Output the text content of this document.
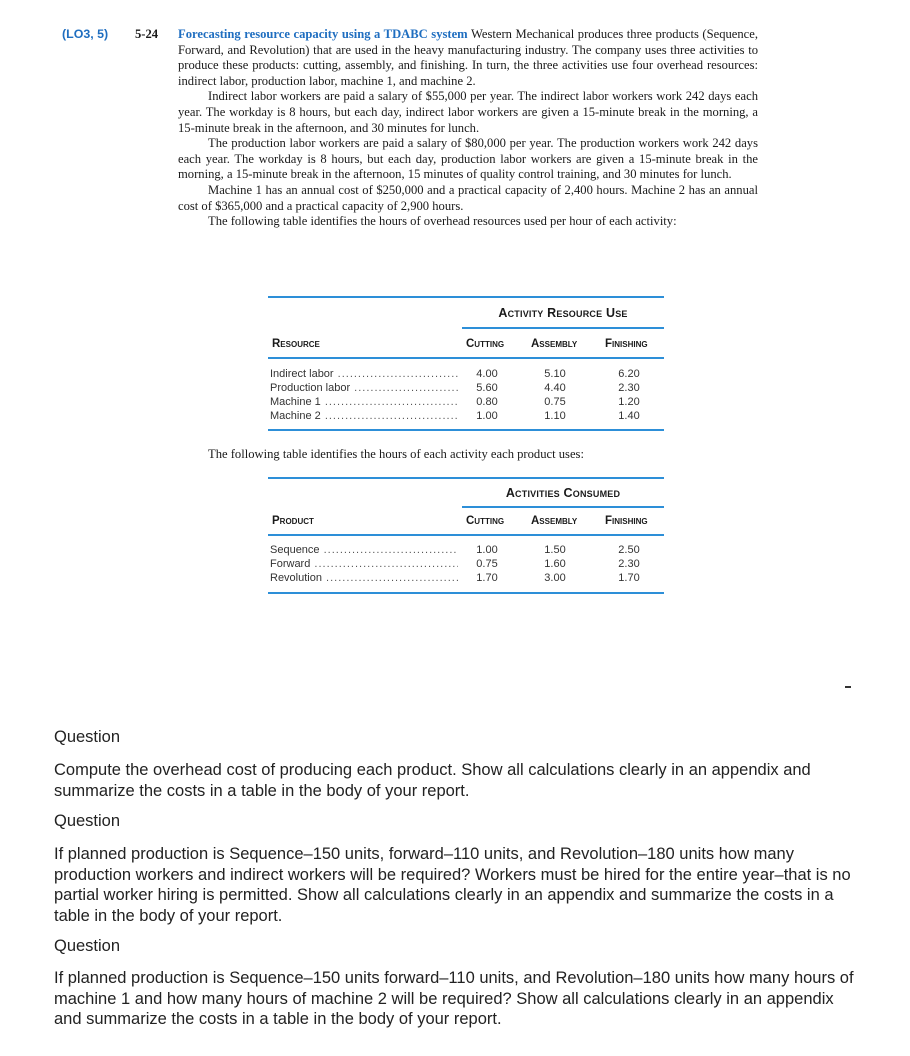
(LO3, 5) 5-24 Forecasting resource capacity using a TDABC system Western Mechanical produces three products (Sequence, Forward, and Revolution) that are used in the heavy manufacturing industry. The company uses three activities to produce these products: cutting, assembly, and finishing. In turn, the three activities use four overhead resources: indirect labor, production labor, machine 1, and machine 2.

Indirect labor workers are paid a salary of $55,000 per year. The indirect labor workers work 242 days each year. The workday is 8 hours, but each day, indirect labor workers are given a 15-minute break in the morning, a 15-minute break in the afternoon, and 30 minutes for lunch.

The production labor workers are paid a salary of $80,000 per year. The production workers work 242 days each year. The workday is 8 hours, but each day, production labor workers are given a 15-minute break in the morning, a 15-minute break in the afternoon, 15 minutes of quality control training, and 30 minutes for lunch.

Machine 1 has an annual cost of $250,000 and a practical capacity of 2,400 hours. Machine 2 has an annual cost of $365,000 and a practical capacity of 2,900 hours.

The following table identifies the hours of overhead resources used per hour of each activity:

Activity Resource Use
Resource	Cutting Assembly Finishing
Indirect labor .....	4.00	5.10	6.20
Production labor .....	5.60	4.40	2.30
Machine 1 .....	0.80	0.75	1.20
Machine 2 .....	1.00	1.10	1.40
The following table identifies the hours of each activity each product uses:
Activities Consumed
Product	Cutting Assembly Finishing
Sequence .....	1.00	1.50	2.50
Forward .....	0.75	1.60	2.30
Revolution .....	1.70	3.00	1.70
Question
Compute the overhead cost of producing each product. Show all calculations clearly in an appendix and summarize the costs in a table in the body of your report.
Question
If planned production is Sequence–150 units, forward–110 units, and Revolution–180 units how many production workers and indirect workers will be required? Workers must be hired for the entire year–that is no partial worker hiring is permitted. Show all calculations clearly in an appendix and summarize the costs in a table in the body of your report.
Question
If planned production is Sequence–150 units forward–110 units, and Revolution–180 units how many hours of machine 1 and how many hours of machine 2 will be required? Show all calculations clearly in an appendix and summarize the costs in a table in the body of your report.
